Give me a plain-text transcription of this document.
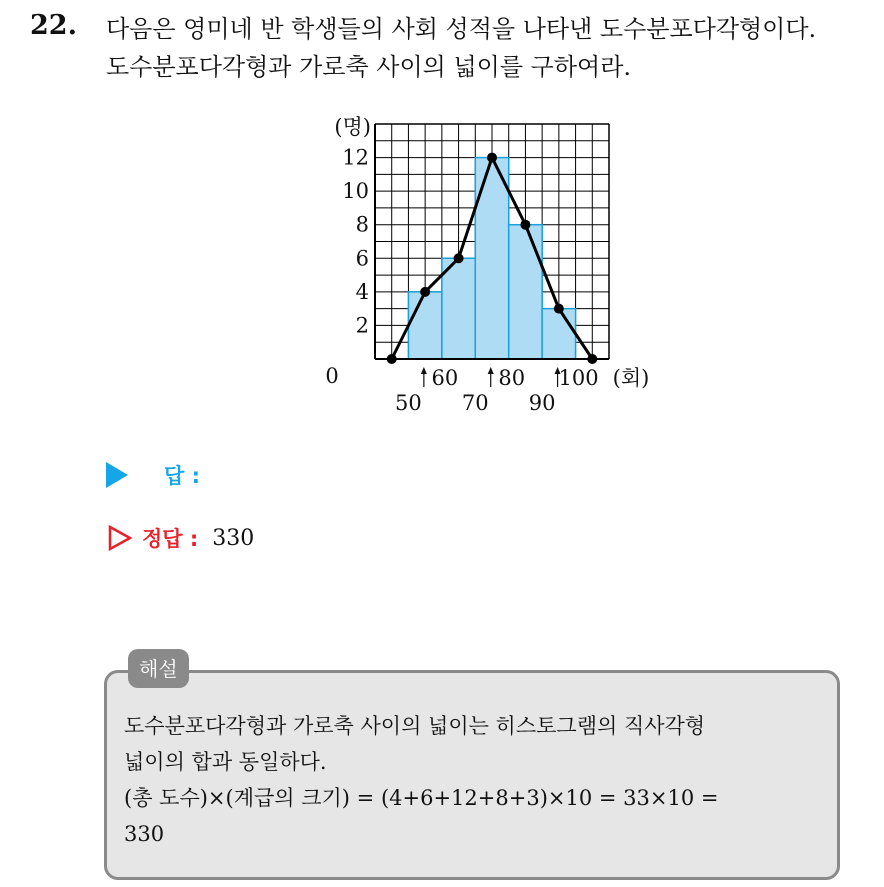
22. 다음은 영미네 반 학생들의 사회 성적을 나타낸 도수분포다각형이다.
도수분포다각형과 가로축 사이의 넓이를 구하여라.
2
4
6
8
10
12
(명)
0	60 80 100
50 70 90
(회)
답 :
정답 : 330
해설
도수분포다각형과 가로축 사이의 넓이는 히스토그램의 직사각형
넓이의 합과 동일하다.
(총 도수)×(계급의 크기) = (4+6+12+8+3)×10 = 33×10 =
330
